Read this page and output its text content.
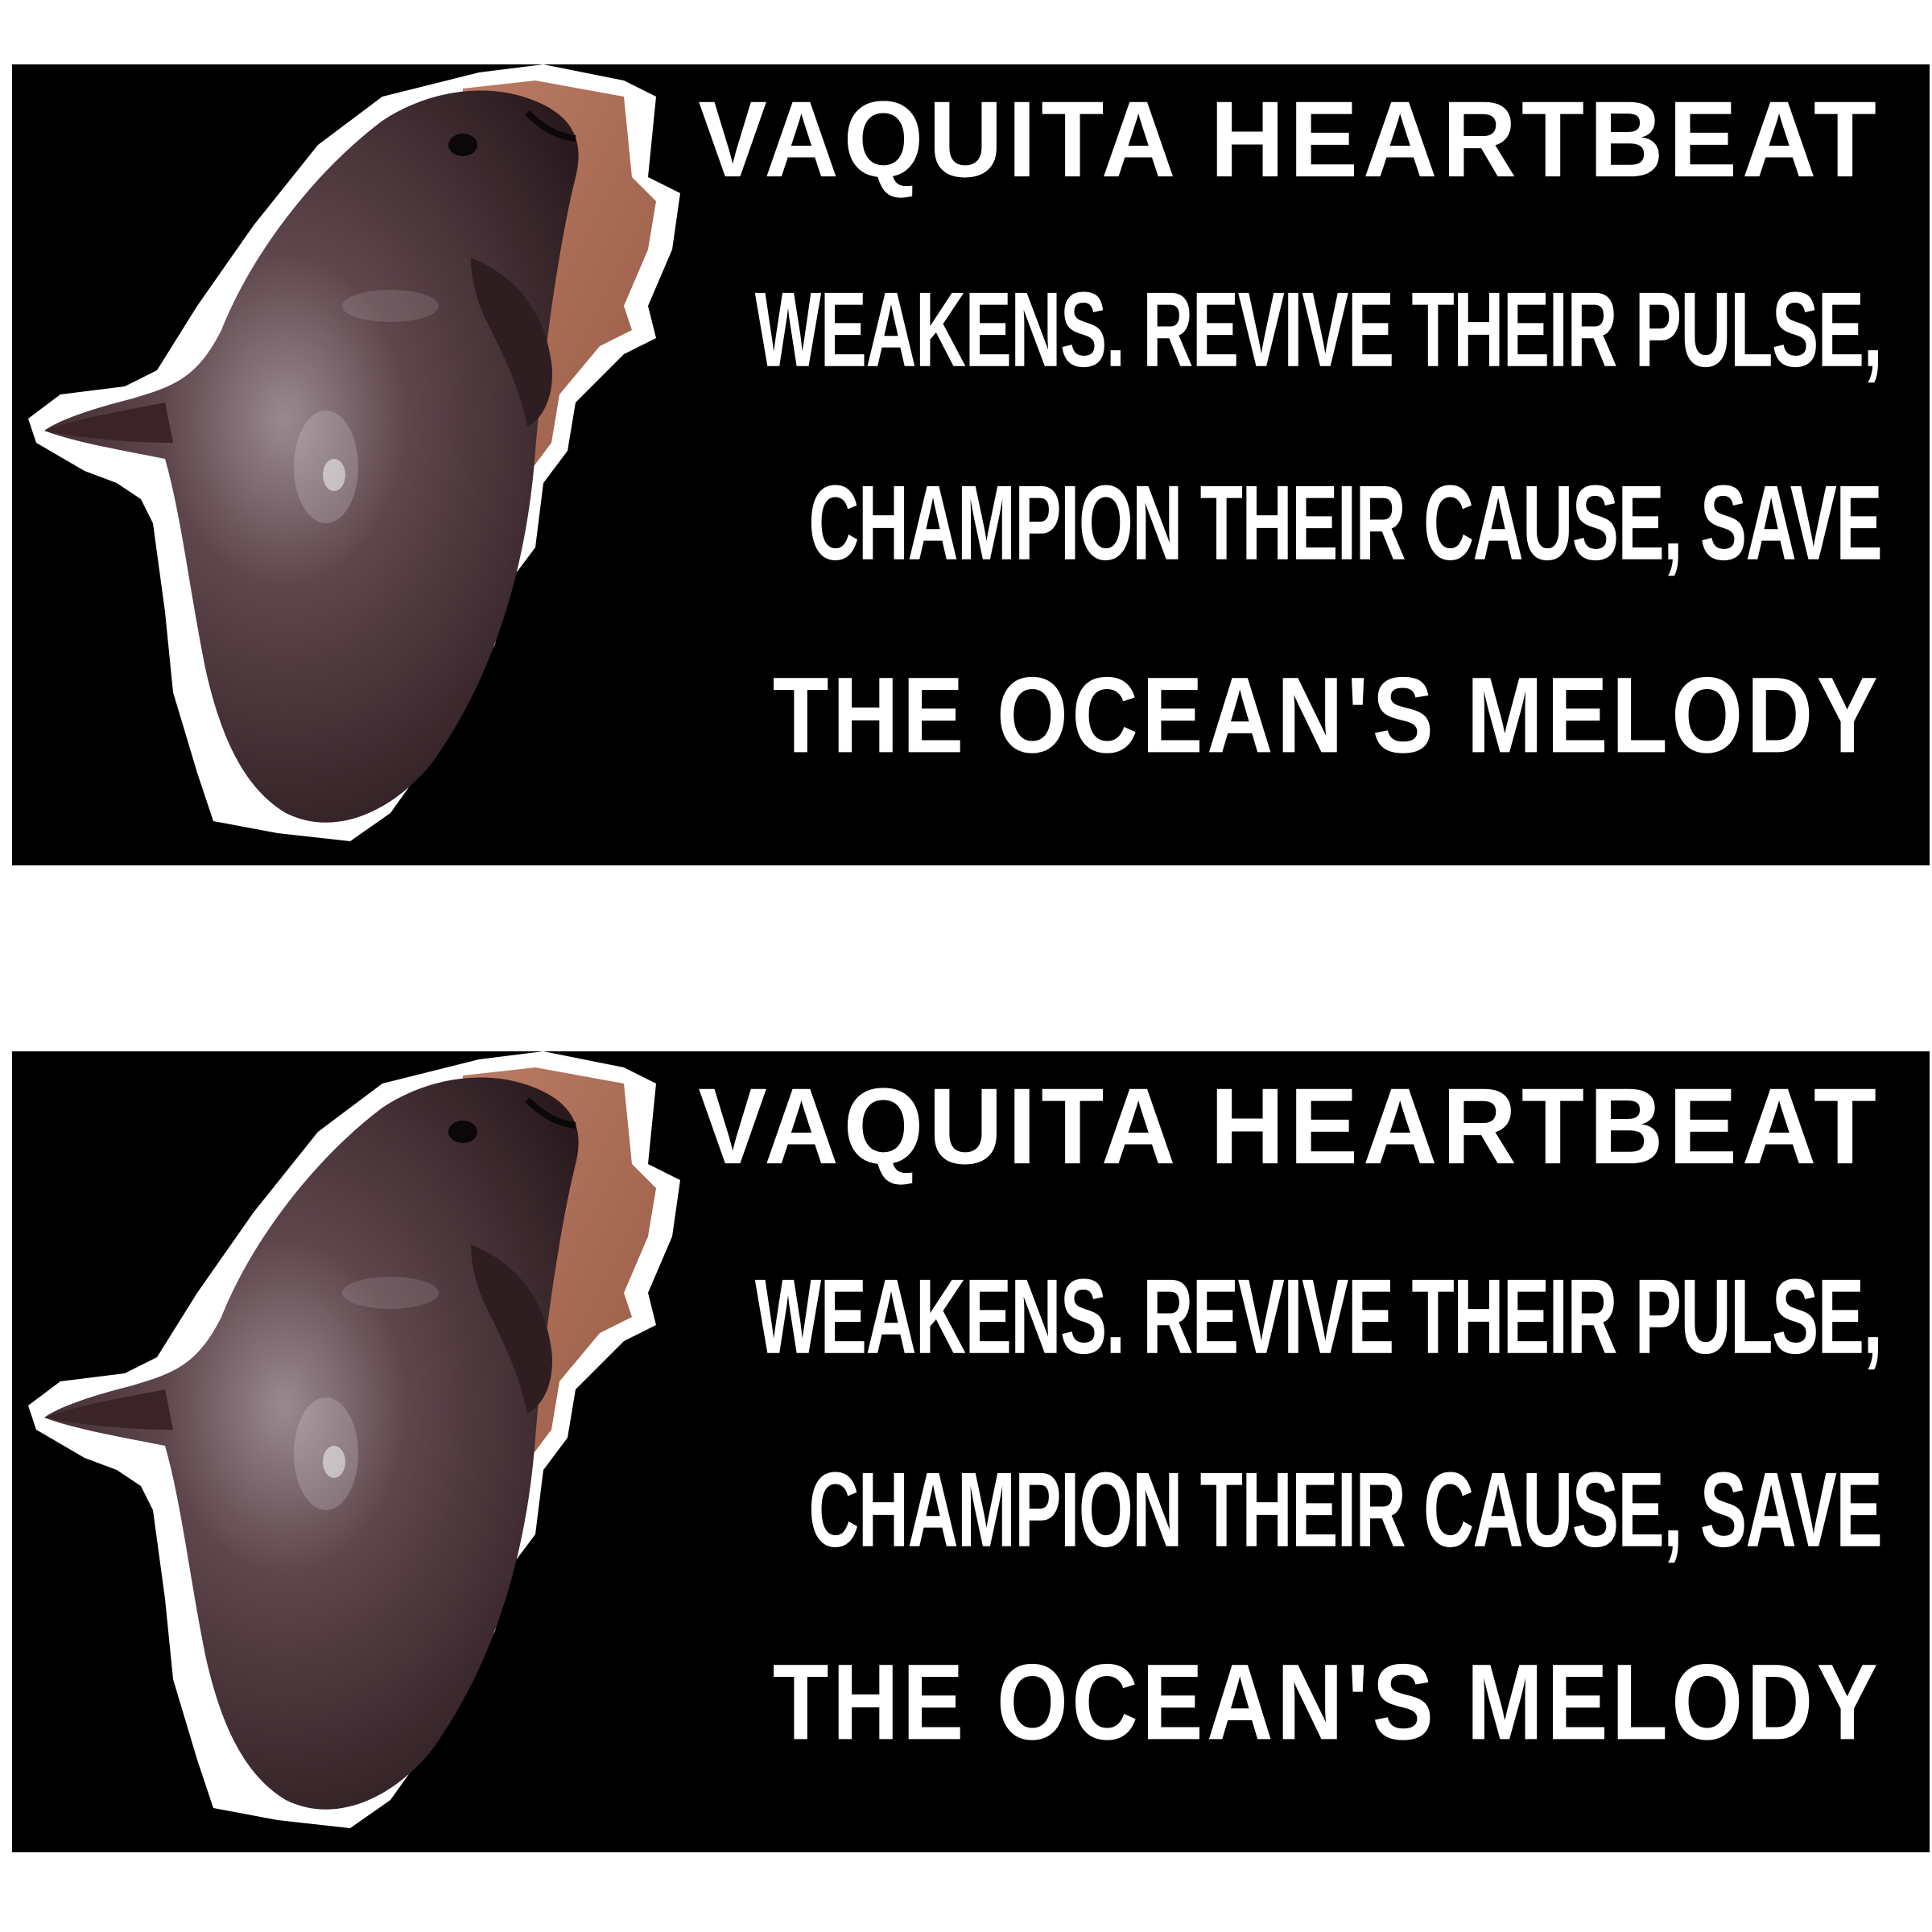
VAQUITA HEARTBEAT
WEAKENS. REVIVE THEIR PULSE,
CHAMPION THEIR CAUSE, SAVE
THE OCEAN'S MELODY
VAQUITA HEARTBEAT
WEAKENS. REVIVE THEIR PULSE,
CHAMPION THEIR CAUSE, SAVE
THE OCEAN'S MELODY
